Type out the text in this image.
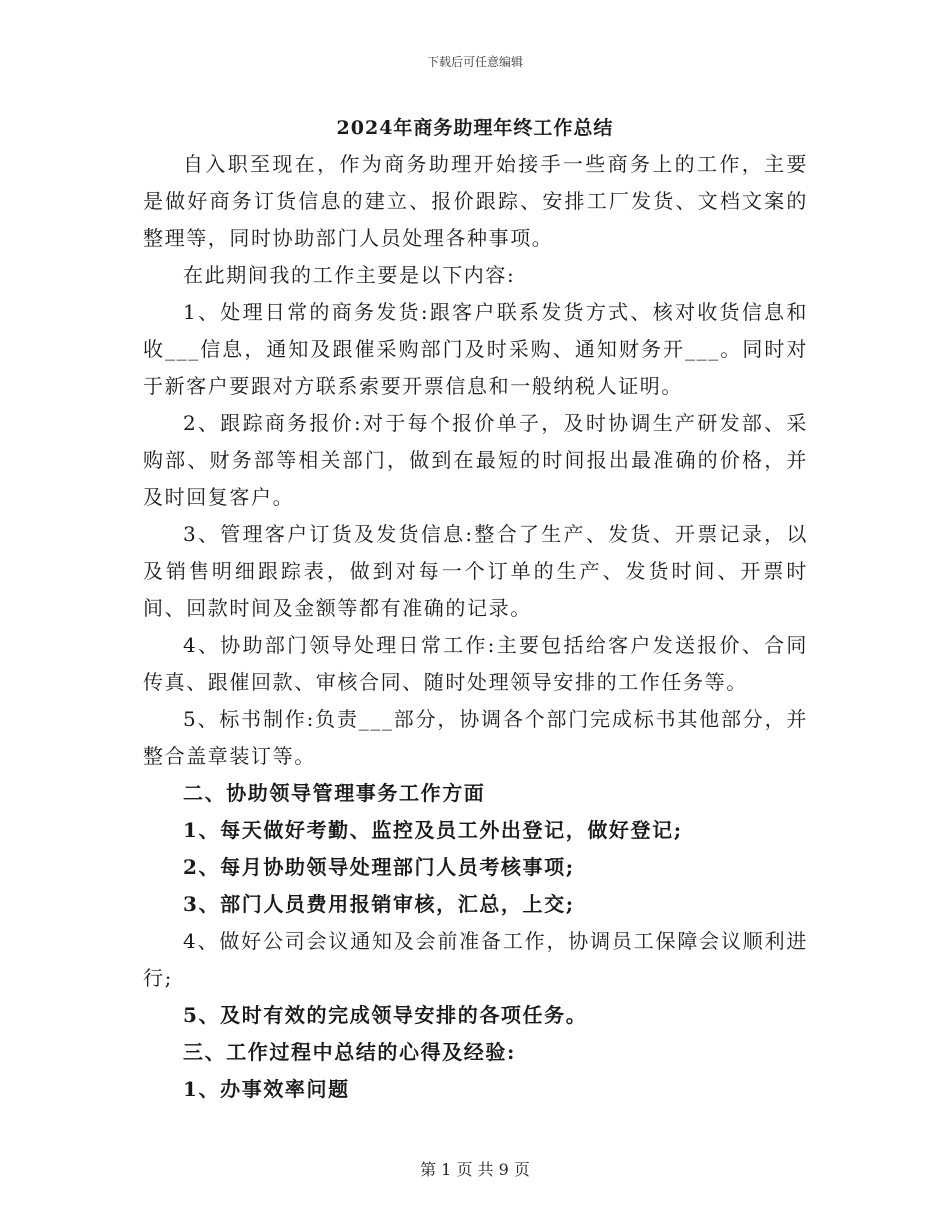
下载后可任意编辑
2024年商务助理年终工作总结

自入职至现在，作为商务助理开始接手一些商务上的工作，主要是做好商务订货信息的建立、报价跟踪、安排工厂发货、文档文案的整理等，同时协助部门人员处理各种事项。

在此期间我的工作主要是以下内容:

1、处理日常的商务发货:跟客户联系发货方式、核对收货信息和收___信息，通知及跟催采购部门及时采购、通知财务开___。同时对于新客户要跟对方联系索要开票信息和一般纳税人证明。

2、跟踪商务报价:对于每个报价单子，及时协调生产研发部、采购部、财务部等相关部门，做到在最短的时间报出最准确的价格，并及时回复客户。

3、管理客户订货及发货信息:整合了生产、发货、开票记录，以及销售明细跟踪表，做到对每一个订单的生产、发货时间、开票时间、回款时间及金额等都有准确的记录。

4、协助部门领导处理日常工作:主要包括给客户发送报价、合同传真、跟催回款、审核合同、随时处理领导安排的工作任务等。

5、标书制作:负责___部分，协调各个部门完成标书其他部分，并整合盖章装订等。

二、协助领导管理事务工作方面

1、每天做好考勤、监控及员工外出登记，做好登记;

2、每月协助领导处理部门人员考核事项;

3、部门人员费用报销审核，汇总，上交;

4、做好公司会议通知及会前准备工作，协调员工保障会议顺利进行;

5、及时有效的完成领导安排的各项任务。

三、工作过程中总结的心得及经验:

1、办事效率问题

第 1 页 共 9 页
